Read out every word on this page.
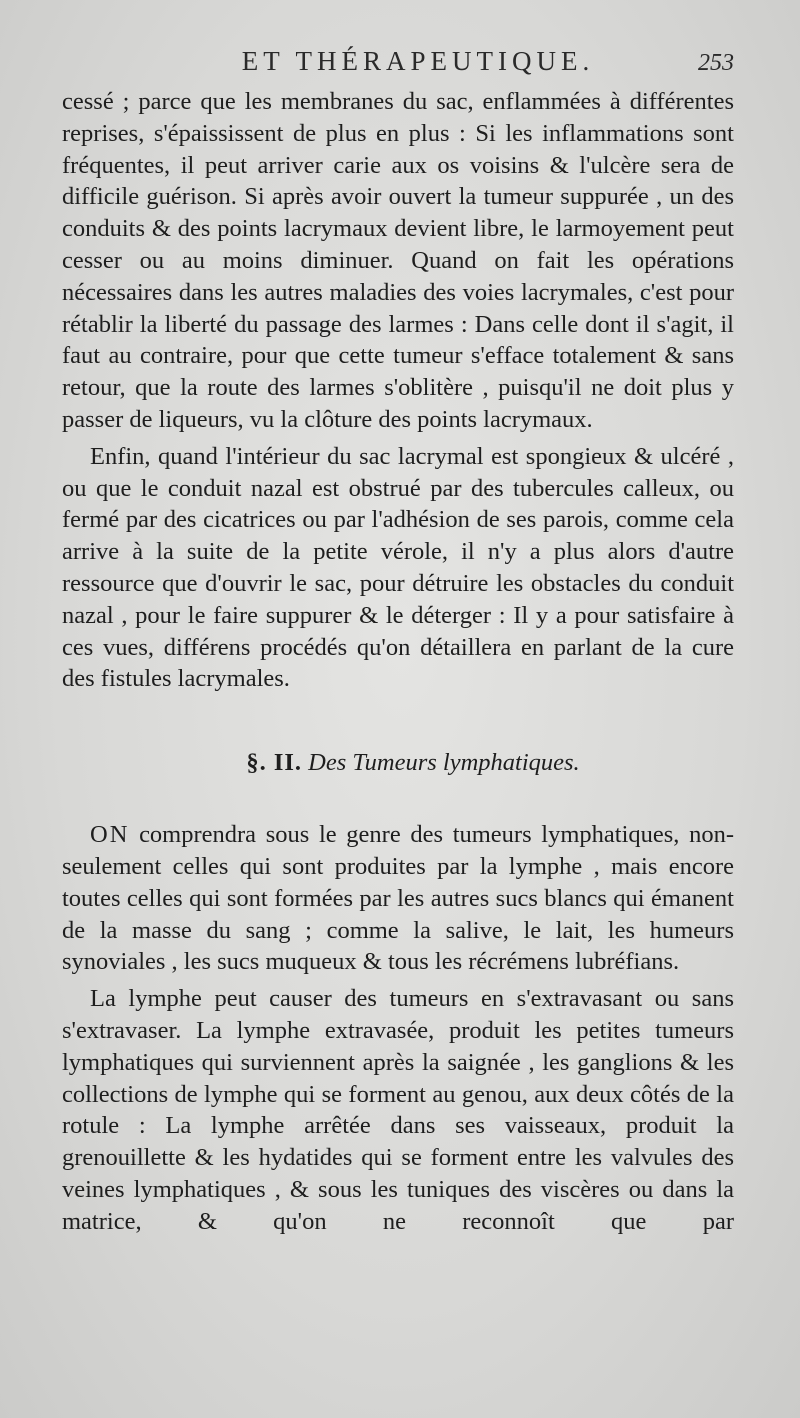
ET THÉRAPEUTIQUE.	253

cessé ; parce que les membranes du sac, enflammées à différentes reprises, s'épaississent de plus en plus : Si les inflammations sont fréquentes, il peut arriver carie aux os voisins & l'ulcère sera de difficile guérison. Si après avoir ouvert la tumeur suppurée , un des conduits & des points lacrymaux devient libre, le larmoyement peut cesser ou au moins diminuer. Quand on fait les opérations nécessaires dans les autres maladies des voies lacrymales, c'est pour rétablir la liberté du passage des larmes : Dans celle dont il s'agit, il faut au contraire, pour que cette tumeur s'efface totalement & sans retour, que la route des larmes s'oblitère , puisqu'il ne doit plus y passer de liqueurs, vu la clôture des points lacrymaux.

Enfin, quand l'intérieur du sac lacrymal est spongieux & ulcéré , ou que le conduit nazal est obstrué par des tubercules calleux, ou fermé par des cicatrices ou par l'adhésion de ses parois, comme cela arrive à la suite de la petite vérole, il n'y a plus alors d'autre ressource que d'ouvrir le sac, pour détruire les obstacles du conduit nazal , pour le faire suppurer & le déterger : Il y a pour satisfaire à ces vues, différens procédés qu'on détaillera en parlant de la cure des fistules lacrymales.

§. II. Des Tumeurs lymphatiques.

ON comprendra sous le genre des tumeurs lymphatiques, non-seulement celles qui sont produites par la lymphe , mais encore toutes celles qui sont formées par les autres sucs blancs qui émanent de la masse du sang ; comme la salive, le lait, les humeurs synoviales , les sucs muqueux & tous les récrémens lubréfians.

La lymphe peut causer des tumeurs en s'extravasant ou sans s'extravaser. La lymphe extravasée, produit les petites tumeurs lymphatiques qui surviennent après la saignée , les ganglions & les collections de lymphe qui se forment au genou, aux deux côtés de la rotule : La lymphe arrêtée dans ses vaisseaux, produit la grenouillette & les hydatides qui se forment entre les valvules des veines lymphatiques , & sous les tuniques des viscères ou dans la matrice, & qu'on ne reconnoît que par
